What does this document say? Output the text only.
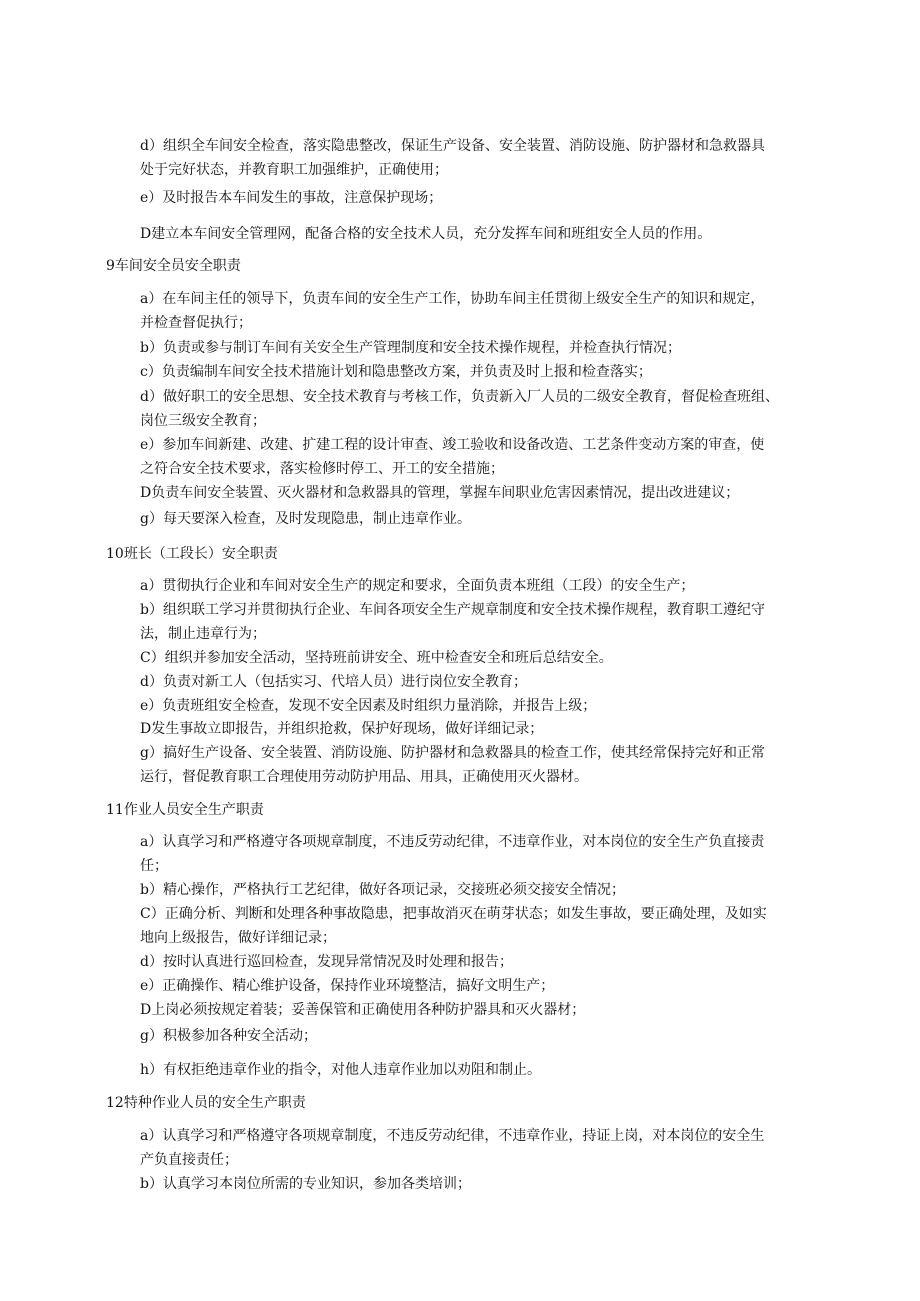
d）组织全车间安全检查，落实隐患整改，保证生产设备、安全装置、消防设施、防护器材和急救器具
处于完好状态，并教育职工加强维护，正确使用；
e）及时报告本车间发生的事故，注意保护现场；
D建立本车间安全管理网，配备合格的安全技术人员，充分发挥车间和班组安全人员的作用。
9车间安全员安全职责
a）在车间主任的领导下，负责车间的安全生产工作，协助车间主任贯彻上级安全生产的知识和规定，
并检查督促执行；
b）负责或参与制订车间有关安全生产管理制度和安全技术操作规程，并检查执行情况；
c）负责编制车间安全技术措施计划和隐患整改方案，并负责及时上报和检查落实；
d）做好职工的安全思想、安全技术教育与考核工作，负责新入厂人员的二级安全教育，督促检查班组、
岗位三级安全教育；
e）参加车间新建、改建、扩建工程的设计审查、竣工验收和设备改造、工艺条件变动方案的审查，使
之符合安全技术要求，落实检修时停工、开工的安全措施；
D负责车间安全装置、灭火器材和急救器具的管理，掌握车间职业危害因素情况，提出改进建议；
g）每天要深入检查，及时发现隐患，制止违章作业。
10班长（工段长）安全职责
a）贯彻执行企业和车间对安全生产的规定和要求，全面负责本班组（工段）的安全生产；
b）组织联工学习并贯彻执行企业、车间各项安全生产规章制度和安全技术操作规程，教育职工遵纪守
法，制止违章行为；
C）组织并参加安全活动，坚持班前讲安全、班中检查安全和班后总结安全。
d）负责对新工人（包括实习、代培人员）进行岗位安全教育；
e）负责班组安全检查，发现不安全因素及时组织力量消除，并报告上级；
D发生事故立即报告，并组织抢救，保护好现场，做好详细记录；
g）搞好生产设备、安全装置、消防设施、防护器材和急救器具的检查工作，使其经常保持完好和正常
运行，督促教育职工合理使用劳动防护用品、用具，正确使用灭火器材。
11作业人员安全生产职责
a）认真学习和严格遵守各项规章制度，不违反劳动纪律，不违章作业，对本岗位的安全生产负直接责
任；
b）精心操作，严格执行工艺纪律，做好各项记录，交接班必须交接安全情况；
C）正确分析、判断和处理各种事故隐患，把事故消灭在萌芽状态；如发生事故，要正确处理，及如实
地向上级报告，做好详细记录；
d）按时认真进行巡回检查，发现异常情况及时处理和报告；
e）正确操作、精心维护设备，保持作业环境整洁，搞好文明生产；
D上岗必须按规定着装；妥善保管和正确使用各种防护器具和灭火器材；
g）积极参加各种安全活动；
h）有权拒绝违章作业的指令，对他人违章作业加以劝阻和制止。
12特种作业人员的安全生产职责
a）认真学习和严格遵守各项规章制度，不违反劳动纪律，不违章作业，持证上岗，对本岗位的安全生
产负直接责任；
b）认真学习本岗位所需的专业知识，参加各类培训；
